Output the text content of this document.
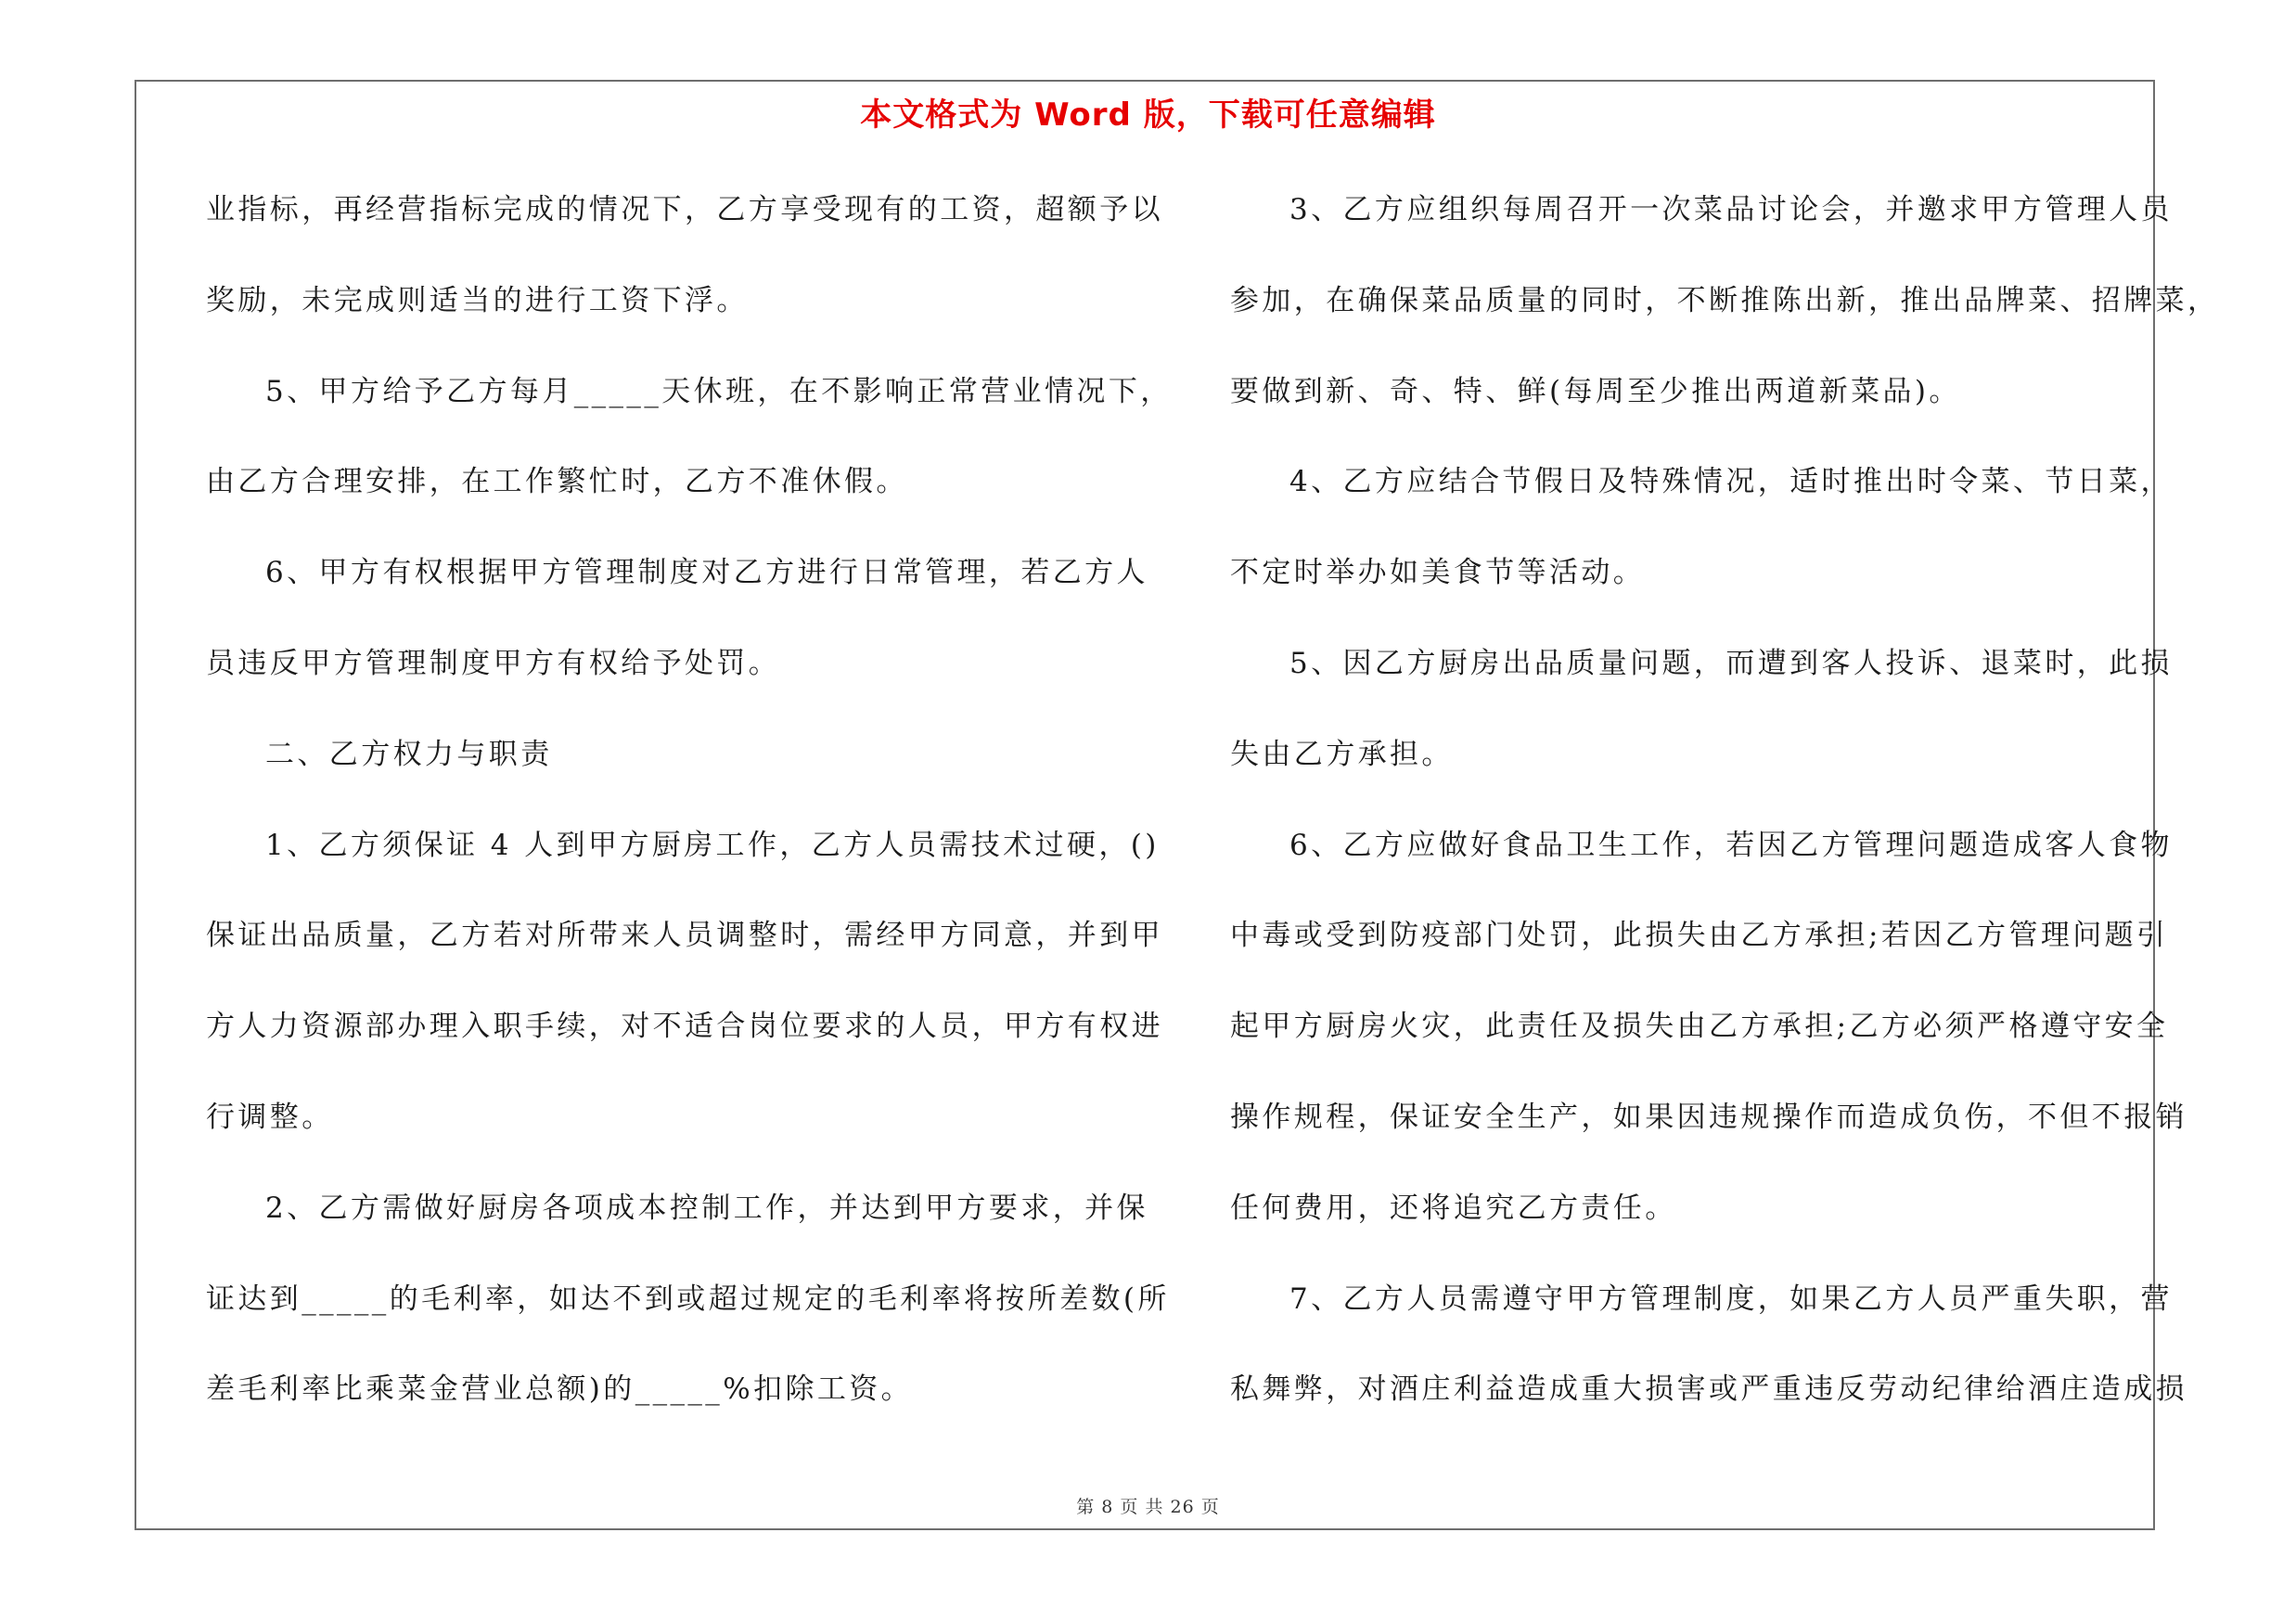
本文格式为 Word 版，下载可任意编辑
业指标，再经营指标完成的情况下，乙方享受现有的工资，超额予以
奖励，未完成则适当的进行工资下浮。
5、甲方给予乙方每月_____天休班，在不影响正常营业情况下，
由乙方合理安排，在工作繁忙时，乙方不准休假。
6、甲方有权根据甲方管理制度对乙方进行日常管理，若乙方人
员违反甲方管理制度甲方有权给予处罚。
二、乙方权力与职责
1、乙方须保证 4 人到甲方厨房工作，乙方人员需技术过硬，()
保证出品质量，乙方若对所带来人员调整时，需经甲方同意，并到甲
方人力资源部办理入职手续，对不适合岗位要求的人员，甲方有权进
行调整。
2、乙方需做好厨房各项成本控制工作，并达到甲方要求，并保
证达到_____的毛利率，如达不到或超过规定的毛利率将按所差数(所
差毛利率比乘菜金营业总额)的_____%扣除工资。
3、乙方应组织每周召开一次菜品讨论会，并邀求甲方管理人员
参加，在确保菜品质量的同时，不断推陈出新，推出品牌菜、招牌菜，
要做到新、奇、特、鲜(每周至少推出两道新菜品)。
4、乙方应结合节假日及特殊情况，适时推出时令菜、节日菜，
不定时举办如美食节等活动。
5、因乙方厨房出品质量问题，而遭到客人投诉、退菜时，此损
失由乙方承担。
6、乙方应做好食品卫生工作，若因乙方管理问题造成客人食物
中毒或受到防疫部门处罚，此损失由乙方承担;若因乙方管理问题引
起甲方厨房火灾，此责任及损失由乙方承担;乙方必须严格遵守安全
操作规程，保证安全生产，如果因违规操作而造成负伤，不但不报销
任何费用，还将追究乙方责任。
7、乙方人员需遵守甲方管理制度，如果乙方人员严重失职，营
私舞弊，对酒庄利益造成重大损害或严重违反劳动纪律给酒庄造成损
第 8 页 共 26 页
